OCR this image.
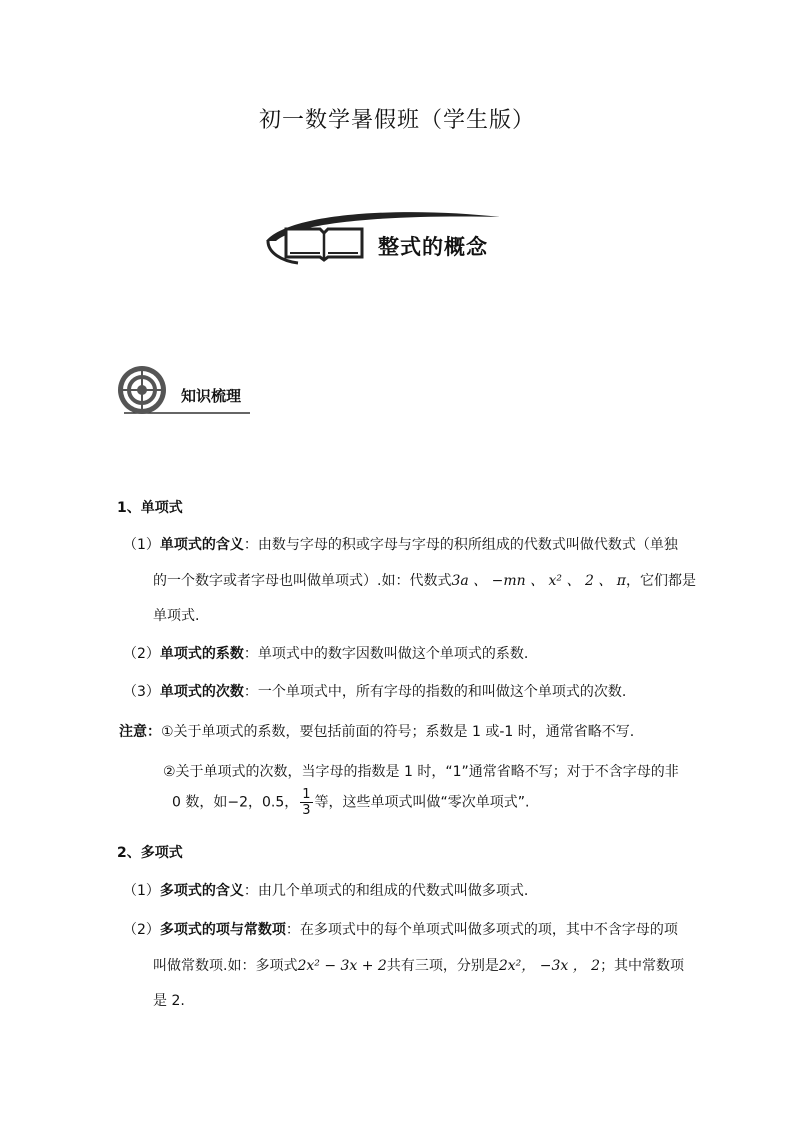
初一数学暑假班（学生版）
整式的概念
知识梳理
1、单项式
（1）单项式的含义：由数与字母的积或字母与字母的积所组成的代数式叫做代数式（单独
的一个数字或者字母也叫做单项式）.如：代数式3a 、 −mn 、 x² 、 2 、 π，它们都是
单项式.
（2）单项式的系数：单项式中的数字因数叫做这个单项式的系数.
（3）单项式的次数：一个单项式中，所有字母的指数的和叫做这个单项式的次数.
注意：①关于单项式的系数，要包括前面的符号；系数是 1 或-1 时，通常省略不写.
②关于单项式的次数，当字母的指数是 1 时，“1”通常省略不写；对于不含字母的非
0 数，如−2，0.5， $\frac{1}{3}$ 等，这些单项式叫做“零次单项式”.
2、多项式
（1）多项式的含义：由几个单项式的和组成的代数式叫做多项式.
（2）多项式的项与常数项：在多项式中的每个单项式叫做多项式的项，其中不含字母的项
叫做常数项.如：多项式2x² − 3x + 2共有三项，分别是2x²， −3x ， 2；其中常数项
是 2.
